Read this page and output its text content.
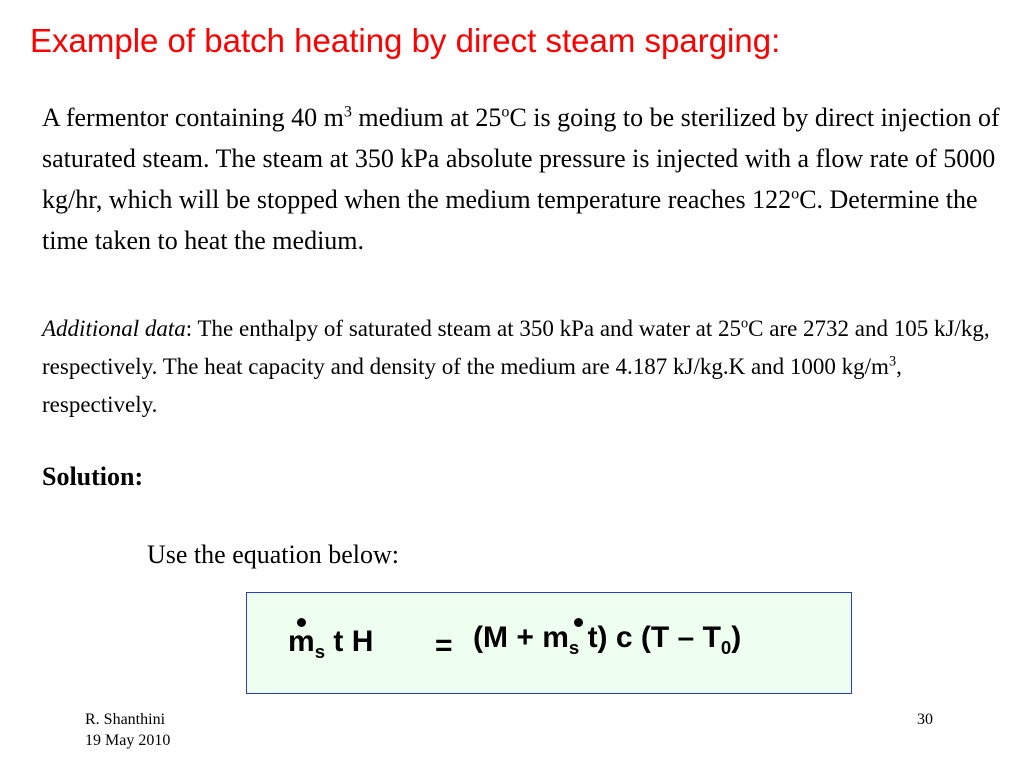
Example of batch heating by direct steam sparging:
A fermentor containing 40 $m^3$ medium at 25$^o$C is going to be sterilized by direct injection of saturated steam. The steam at 350 kPa absolute pressure is injected with a flow rate of 5000 kg/hr, which will be stopped when the medium temperature reaches 122$^o$C. Determine the time taken to heat the medium.
Additional data: The enthalpy of saturated steam at 350 kPa and water at 25$^o$C are 2732 and 105 kJ/kg, respectively. The heat capacity and density of the medium are 4.187 kJ/kg.K and 1000 $kg/m^3$, respectively.
Solution:
Use the equation below:
$m_s$ t $H = (M + m_s$ t) c $(T - T_0)$
R. Shanthini
19 May 2010
30
